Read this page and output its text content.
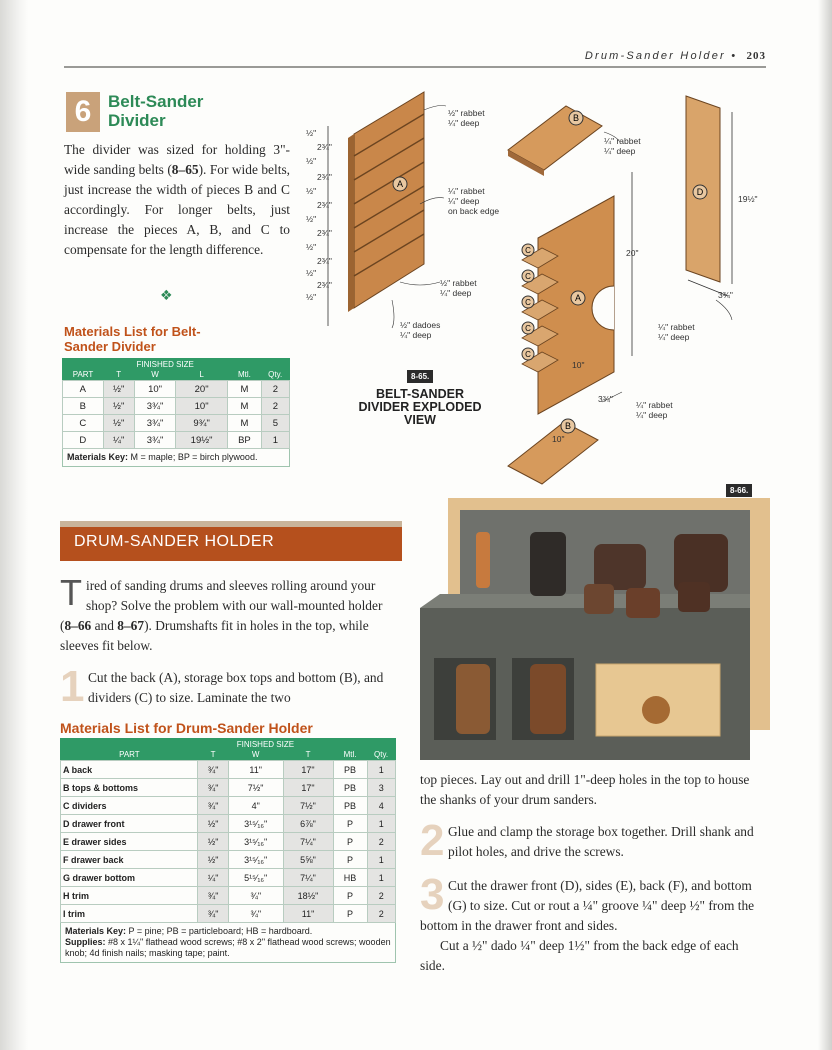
Drum-Sander Holder • 203
6 Belt-Sander Divider
The divider was sized for holding 3"-wide sanding belts (8–65). For wide belts, just increase the width of pieces B and C accordingly. For longer belts, just increase the pieces A, B, and C to compensate for the length difference.
❖
Materials List for Belt-Sander Divider
	FINISHED SIZE				
PART	T	W	L	Mtl.	Qty.
A	½"	10"	20"	M	2
B	½"	3¾"	10"	M	2
C	½"	3¾"	9¾"	M	5
D	¼"	3¾"	19½"	BP	1
Materials Key: M = maple; BP = birch plywood.					
A
B
A
C
C
C
C
C
B
D
½"
2¾"
½"
2¾"
½"
2¾"
½"
2¾"
½"
2¾"
½"
2¾"
½"
½" rabbet
¼" deep
¼" rabbet
¼" deep
on back edge
½" rabbet
¼" deep
½" dadoes
¼" deep
¼" rabbet
¼" deep
20"
10"
10"
19½"
3¾"
3¾"
¼" rabbet
¼" deep
¼" rabbet
¼" deep
8-65.
BELT-SANDER DIVIDER EXPLODED VIEW
8-66.
DRUM-SANDER HOLDER
Tired of sanding drums and sleeves rolling around your shop? Solve the problem with our wall-mounted holder (8–66 and 8–67). Drumshafts fit in holes in the top, while sleeves fit below.
1 Cut the back (A), storage box tops and bottom (B), and dividers (C) to size. Laminate the two
Materials List for Drum-Sander Holder
	FINISHED SIZE				
PART	T	W	T	Mtl.	Qty.
A back	¾"	11"	17"	PB	1
B tops & bottoms	¾"	7½"	17"	PB	3
C dividers	¾"	4"	7½"	PB	4
D drawer front	½"	3¹⁵⁄₁₆"	6⅞"	P	1
E drawer sides	½"	3¹⁵⁄₁₆"	7¼"	P	2
F drawer back	½"	3¹⁵⁄₁₆"	5⅝"	P	1
G drawer bottom	¼"	5¹⁵⁄₁₆"	7¼"	HB	1
H trim	¾"	¾"	18½"	P	2
I trim	¾"	¾"	11"	P	2
Materials Key: P = pine; PB = particleboard; HB = hardboard.
Supplies: #8 x 1¼" flathead wood screws; #8 x 2" flathead wood screws; wooden knob; 4d finish nails; masking tape; paint.					
top pieces. Lay out and drill 1"-deep holes in the top to house the shanks of your drum sanders.
2 Glue and clamp the storage box together. Drill shank and pilot holes, and drive the screws.
3 Cut the drawer front (D), sides (E), back (F), and bottom (G) to size. Cut or rout a ¼" groove ¼" deep ½" from the bottom in the drawer front and sides.
Cut a ½" dado ¼" deep 1½" from the back edge of each side.
